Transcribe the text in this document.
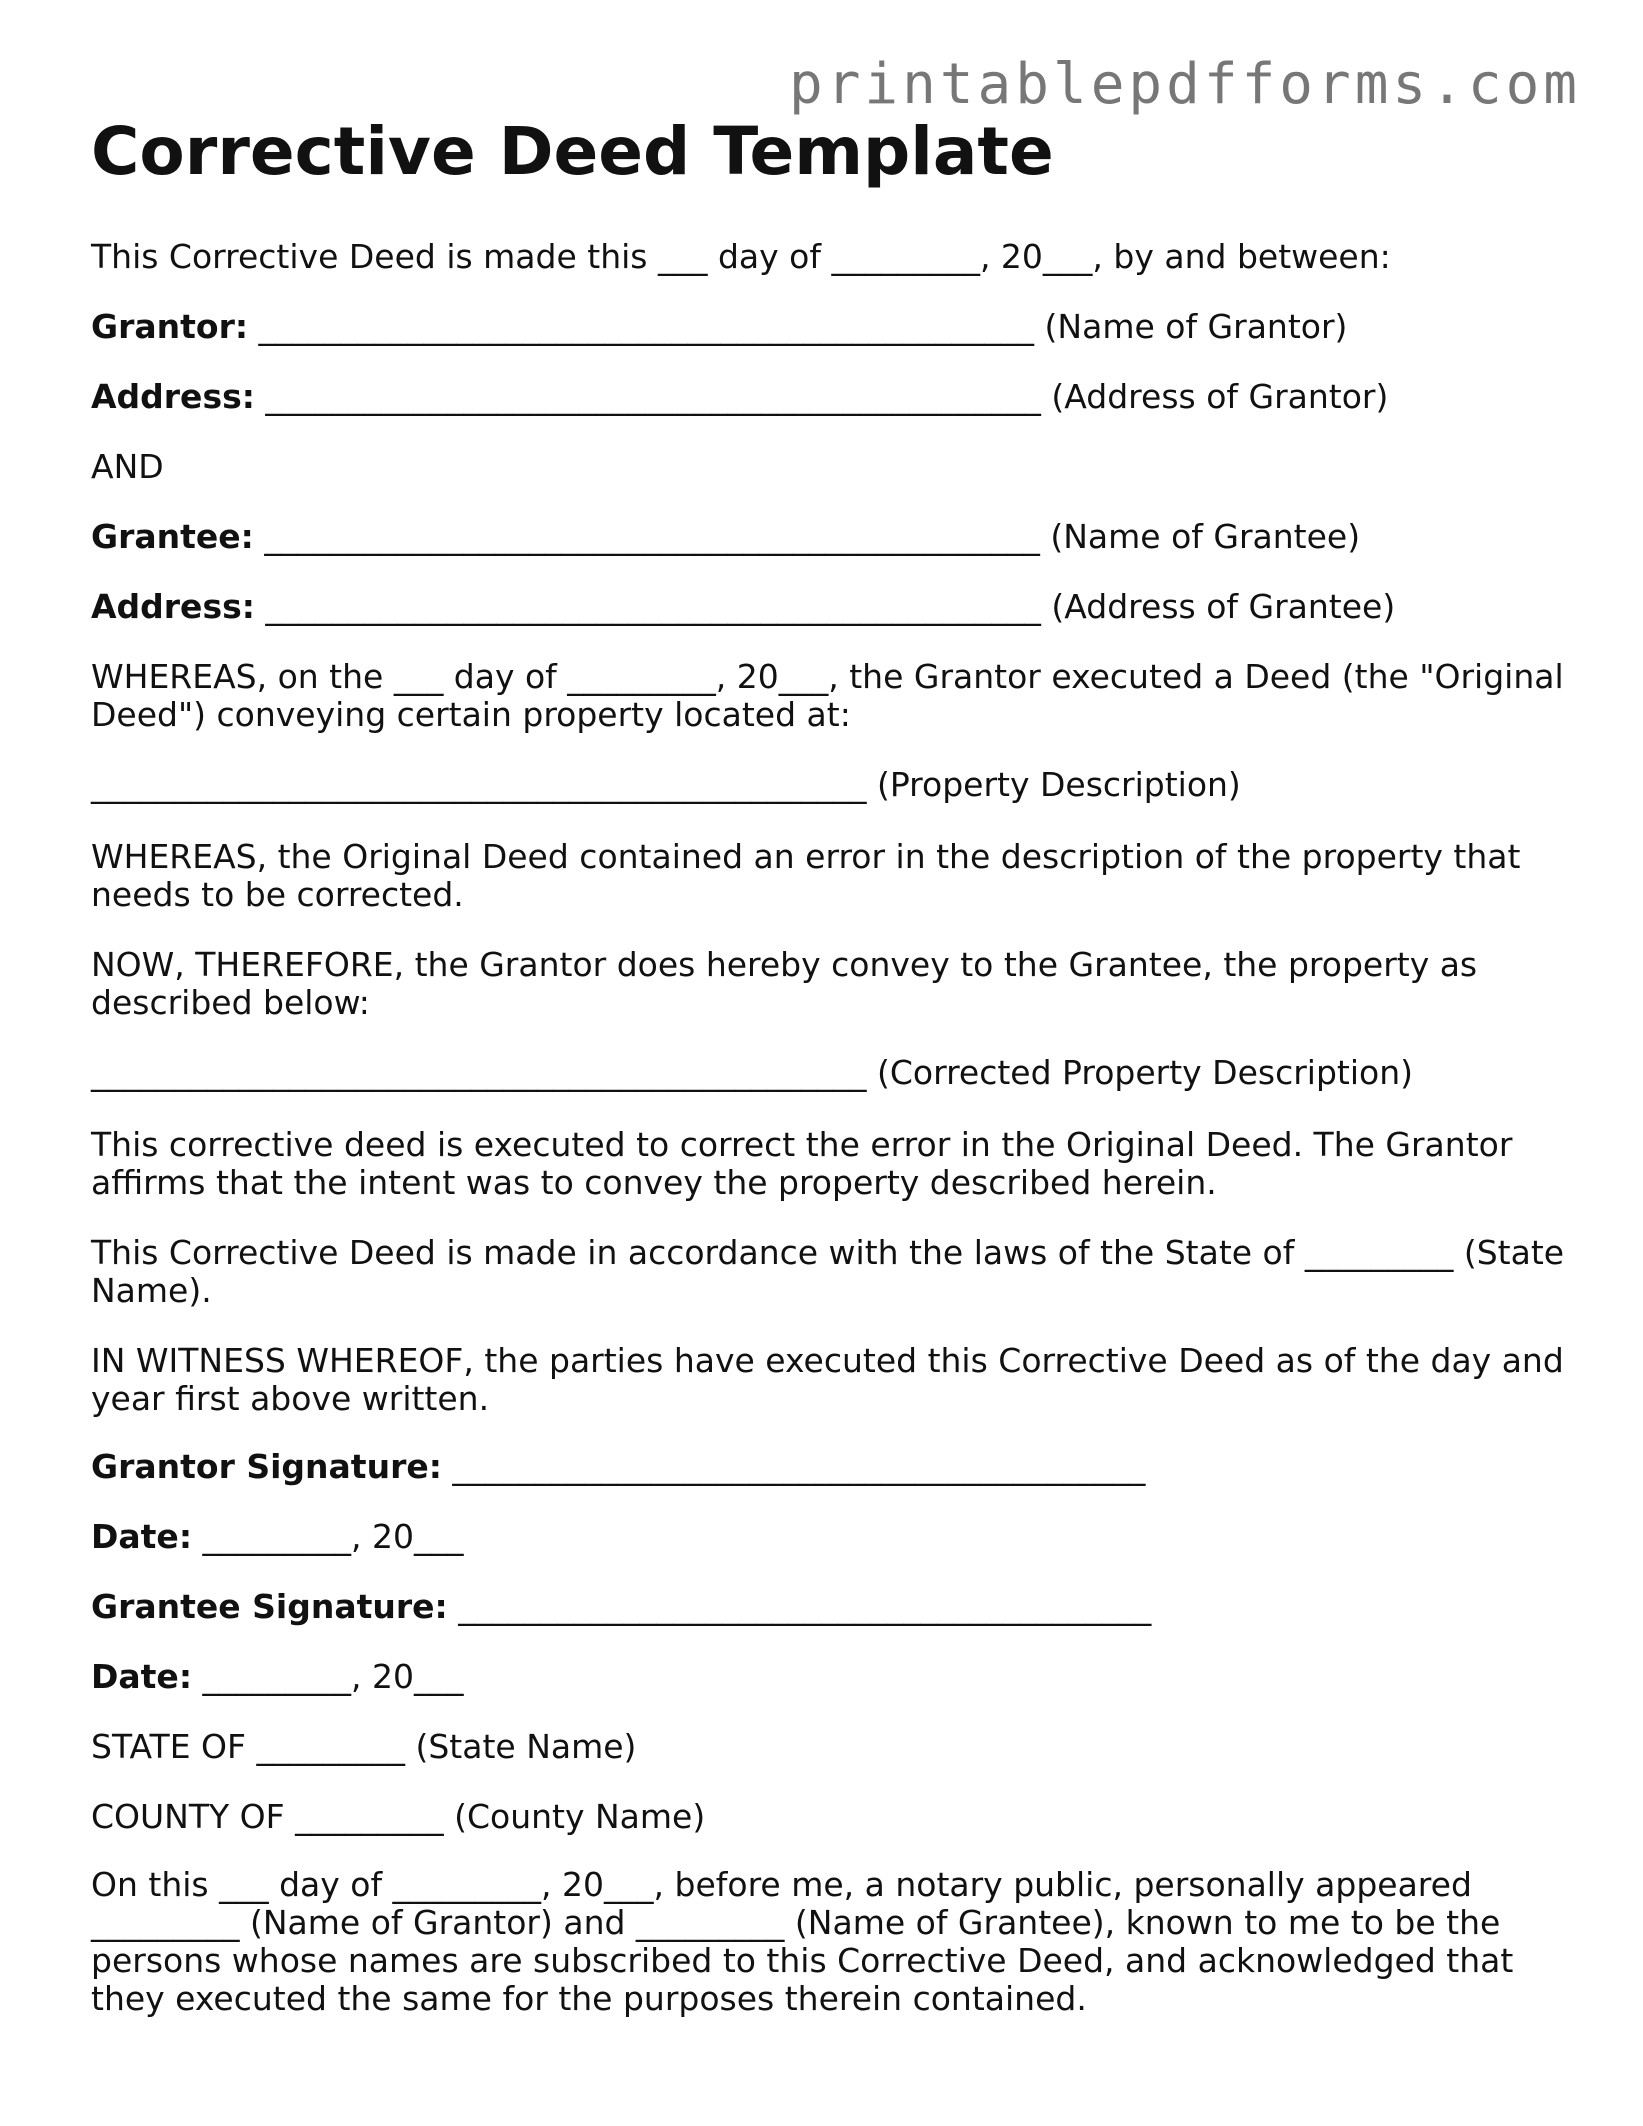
printablepdfforms.com
Corrective Deed Template
This Corrective Deed is made this ___ day of _________, 20___, by and between:
Grantor: _______________________________________________ (Name of Grantor)
Address: _______________________________________________ (Address of Grantor)
AND
Grantee: _______________________________________________ (Name of Grantee)
Address: _______________________________________________ (Address of Grantee)
WHEREAS, on the ___ day of _________, 20___, the Grantor executed a Deed (the "Original Deed") conveying certain property located at:
_______________________________________________ (Property Description)
WHEREAS, the Original Deed contained an error in the description of the property that needs to be corrected.
NOW, THEREFORE, the Grantor does hereby convey to the Grantee, the property as described below:
_______________________________________________ (Corrected Property Description)
This corrective deed is executed to correct the error in the Original Deed. The Grantor affirms that the intent was to convey the property described herein.
This Corrective Deed is made in accordance with the laws of the State of _________ (State Name).
IN WITNESS WHEREOF, the parties have executed this Corrective Deed as of the day and year first above written.
Grantor Signature: __________________________________________
Date: _________, 20___
Grantee Signature: __________________________________________
Date: _________, 20___
STATE OF _________ (State Name)
COUNTY OF _________ (County Name)
On this ___ day of _________, 20___, before me, a notary public, personally appeared _________ (Name of Grantor) and _________ (Name of Grantee), known to me to be the persons whose names are subscribed to this Corrective Deed, and acknowledged that they executed the same for the purposes therein contained.
